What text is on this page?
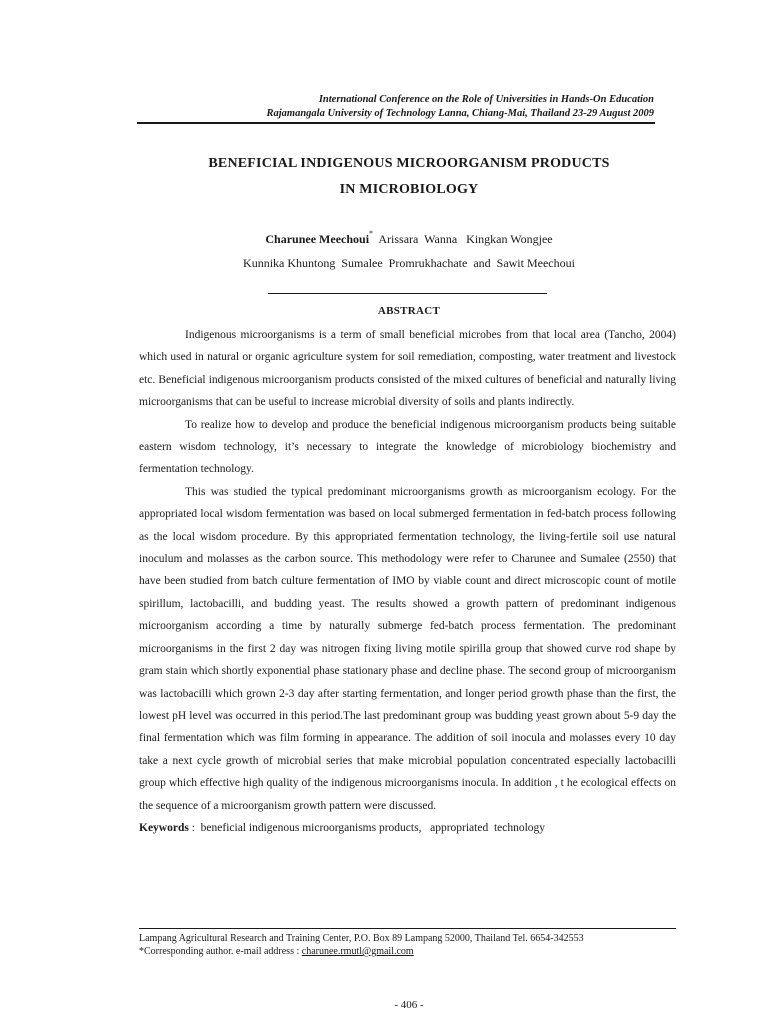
International Conference on the Role of Universities in Hands-On Education
Rajamangala University of Technology Lanna, Chiang-Mai, Thailand 23-29 August 2009
BENEFICIAL INDIGENOUS MICROORGANISM PRODUCTS
IN MICROBIOLOGY
Charunee Meechoui*  Arissara  Wanna   Kingkan Wongjee
Kunnika Khuntong  Sumalee  Promrukhachate  and  Sawit Meechoui
ABSTRACT

Indigenous microorganisms is a term of small beneficial microbes from that local area (Tancho, 2004) which used in natural or organic agriculture system for soil remediation, composting, water treatment and livestock etc. Beneficial indigenous microorganism products consisted of the mixed cultures of beneficial and naturally living microorganisms that can be useful to increase microbial diversity of soils and plants indirectly.

To realize how to develop and produce the beneficial indigenous microorganism products being suitable eastern wisdom technology, it’s necessary to integrate the knowledge of microbiology biochemistry and fermentation technology.

This was studied the typical predominant microorganisms growth as microorganism ecology. For the appropriated local wisdom fermentation was based on local submerged fermentation in fed-batch process following as the local wisdom procedure. By this appropriated fermentation technology, the living-fertile soil use natural inoculum and molasses as the carbon source. This methodology were refer to Charunee and Sumalee (2550) that have been studied from batch culture fermentation of IMO by viable count and direct microscopic count of motile spirillum, lactobacilli, and budding yeast. The results showed a growth pattern of predominant indigenous microorganism according a time by naturally submerge fed-batch process fermentation. The predominant microorganisms in the first 2 day was nitrogen fixing living motile spirilla group that showed curve rod shape by gram stain which shortly exponential phase stationary phase and decline phase. The second group of microorganism was lactobacilli which grown 2-3 day after starting fermentation, and longer period growth phase than the first, the lowest pH level was occurred in this period.The last predominant group was budding yeast grown about 5-9 day the final fermentation which was film forming in appearance. The addition of soil inocula and molasses every 10 day take a next cycle growth of microbial series that make microbial population concentrated especially lactobacilli group which effective high quality of the indigenous microorganisms inocula. In addition , t he ecological effects on the sequence of a microorganism growth pattern were discussed.

Keywords :  beneficial indigenous microorganisms products,   appropriated  technology

Lampang Agricultural Research and Training Center, P.O. Box 89 Lampang 52000, Thailand Tel. 6654-342553
*Corresponding author. e-mail address : charunee.rmutl@gmail.com
- 406 -
